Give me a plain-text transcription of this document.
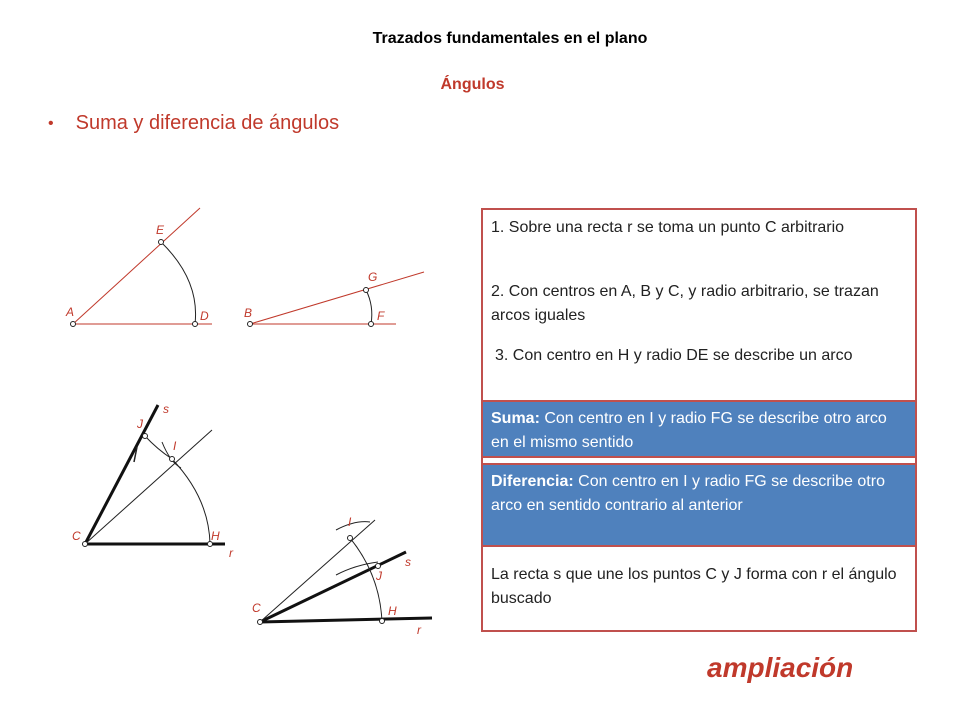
Trazados fundamentales en el plano
Ángulos
• Suma y diferencia de ángulos
E
A	D
G
B	F
s
J
I
C	H
r
I
s
J
C	H
r
1. Sobre una recta r se toma un punto C arbitrario
2. Con centros en A, B y C, y radio arbitrario, se trazan arcos iguales
3. Con centro en H y radio DE se describe un arco
La recta s que une los puntos C y J forma con r el ángulo buscado
Suma: Con centro en I y radio FG se describe otro arco en el mismo sentido
Diferencia: Con centro en I y radio FG se describe otro arco en sentido contrario al anterior
ampliación
